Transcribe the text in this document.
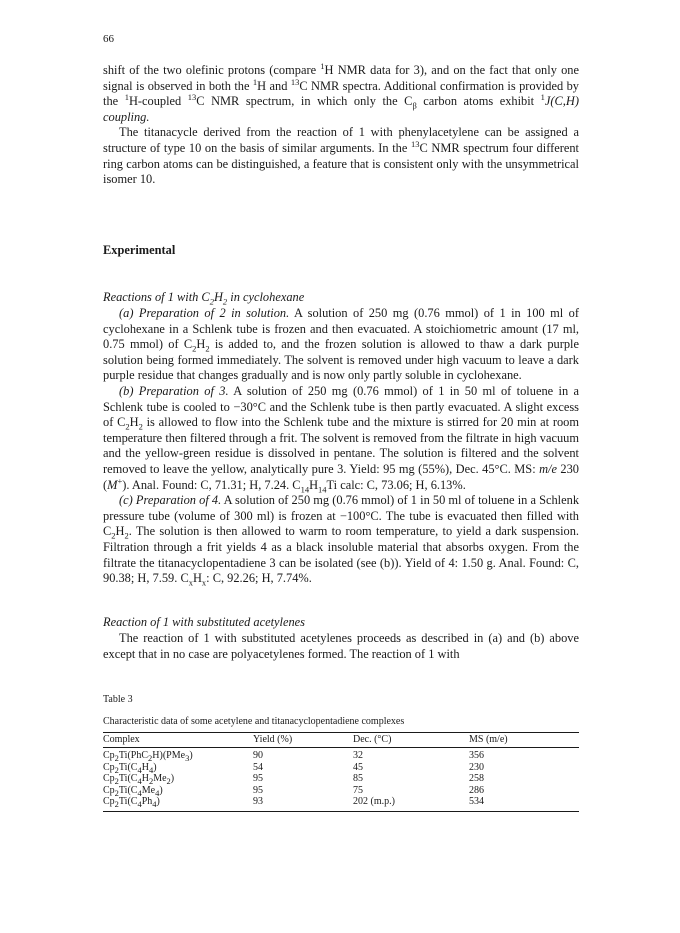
66

shift of the two olefinic protons (compare $^1$H NMR data for 3), and on the fact that only one signal is observed in both the $^1$H and $^{13}$C NMR spectra. Additional confirmation is provided by the $^1$H-coupled $^{13}$C NMR spectrum, in which only the $C_\beta$ carbon atoms exhibit $^1$J(C,H) coupling.

The titanacycle derived from the reaction of 1 with phenylacetylene can be assigned a structure of type 10 on the basis of similar arguments. In the $^{13}$C NMR spectrum four different ring carbon atoms can be distinguished, a feature that is consistent only with the unsymmetrical isomer 10.

Experimental
Reactions of 1 with $C_2H_2$ in cyclohexane

(a) Preparation of 2 in solution. A solution of 250 mg (0.76 mmol) of 1 in 100 ml of cyclohexane in a Schlenk tube is frozen and then evacuated. A stoichiometric amount (17 ml, 0.75 mmol) of $C_2H_2$ is added to, and the frozen solution is allowed to thaw a dark purple solution being formed immediately. The solvent is removed under high vacuum to leave a dark purple residue that changes gradually and is now only partly soluble in cyclohexane.

(b) Preparation of 3. A solution of 250 mg (0.76 mmol) of 1 in 50 ml of toluene in a Schlenk tube is cooled to −30°C and the Schlenk tube is then partly evacuated. A slight excess of $C_2H_2$ is allowed to flow into the Schlenk tube and the mixture is stirred for 20 min at room temperature then filtered through a frit. The solvent is removed from the filtrate in high vacuum and the yellow-green residue is dissolved in pentane. The solution is filtered and the solvent removed to leave the yellow, analytically pure 3. Yield: 95 mg (55%), Dec. 45°C. MS: m/e 230 (M+). Anal. Found: C, 71.31; H, 7.24. $C_{14}H_{14}Ti$ calc: C, 73.06; H, 6.13%.

(c) Preparation of 4. A solution of 250 mg (0.76 mmol) of 1 in 50 ml of toluene in a Schlenk pressure tube (volume of 300 ml) is frozen at −100°C. The tube is evacuated then filled with $C_2H_2$. The solution is then allowed to warm to room temperature, to yield a dark suspension. Filtration through a frit yields 4 as a black insoluble material that absorbs oxygen. From the filtrate the titanacyclopentadiene 3 can be isolated (see (b)). Yield of 4: 1.50 g. Anal. Found: C, 90.38; H, 7.59. $C_xH_x$: C, 92.26; H, 7.74%.

Reaction of 1 with substituted acetylenes

The reaction of 1 with substituted acetylenes proceeds as described in (a) and (b) above except that in no case are polyacetylenes formed. The reaction of 1 with

Table 3
Characteristic data of some acetylene and titanacyclopentadiene complexes
Complex	Yield (%)	Dec. (°C)	MS (m/e)
$Cp_2Ti(PhC_2H)(PMe_3)$	90	32	356
$Cp_2Ti(C_4H_4)$	54	45	230
$Cp_2Ti(C_4H_2Me_2)$	95	85	258
$Cp_2Ti(C_4Me_4)$	95	75	286
$Cp_2Ti(C_4Ph_4)$	93	202 (m.p.)	534
